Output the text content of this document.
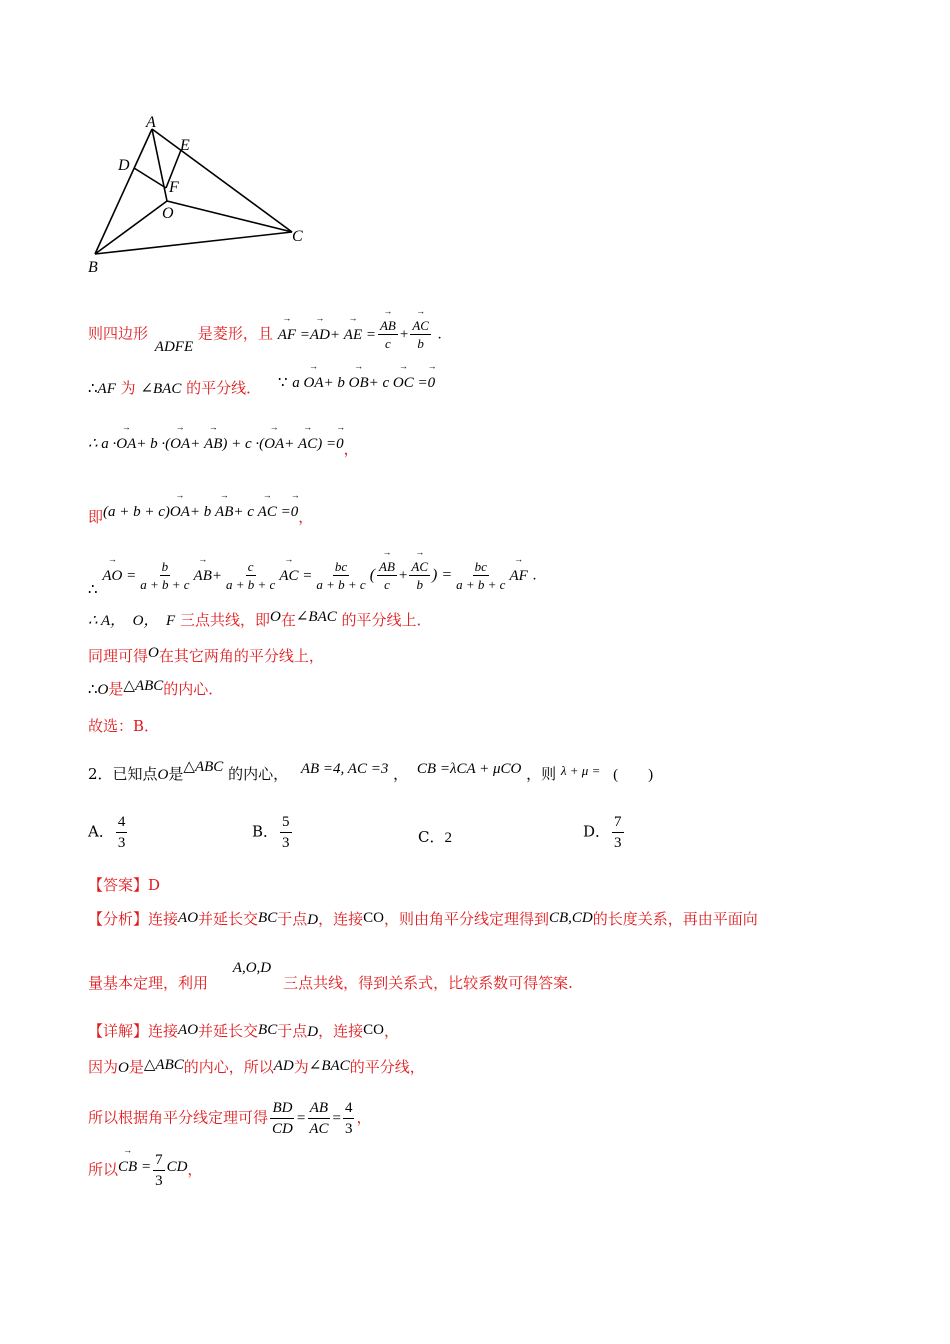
A
E
D
F
O
C
B
则四边形 ADFE 是菱形，且 → AF =→ AD+ → AE =
→ $\frac{AB}{c}$ +
→ $\frac{AC}{b}$ .
∴AF 为 ∠BAC 的平分线． ∵ a → OA+ b → OB+ c → OC =→ 0
∴ a ·→ OA+ b ·(→ OA+ → AB) + c ·(→ OA+ → AC) =→ 0，
即(a + b + c)→ OA+ b → AB+ c → AC =→ 0，
∴ → AO = $\frac{b}{a + b + c}$
→ $AB+ \frac{c}{a + b + c}$
→ AC = $\frac{bc}{a + b + c}$ (
→ $\frac{AB}{c}$ +
→ $\frac{AC}{b}$ ) = $\frac{bc}{a + b + c}$
→ AF .
∴ A，　O，　F 三点共线，即O在∠BAC 的平分线上．
同理可得O在其它两角的平分线上，
∴O是△ABC的内心．
故选：B．
2．已知点O是△ABC 的内心， AB =4, AC =3 ， CB =λCA + μCO ，则 λ + μ = (　　)
A． $\frac{4}{3}$	B． $\frac{5}{3}$	C．2	D． $\frac{7}{3}$
【答案】D
【分析】连接AO并延长交BC于点D，连接CO，则由角平分线定理得到CB,CD的长度关系，再由平面向
量基本定理，利用 A,O,D三点共线，得到关系式，比较系数可得答案.
【详解】连接AO并延长交BC于点D，连接CO，
因为O是△ABC的内心，所以AD为∠BAC的平分线，
所以根据角平分线定理可得 $\frac{BD}{CD} = \frac{AB}{AC} = \frac{4}{3}$ ，
所以→ CB = $\frac{7}{3}$ CD，
